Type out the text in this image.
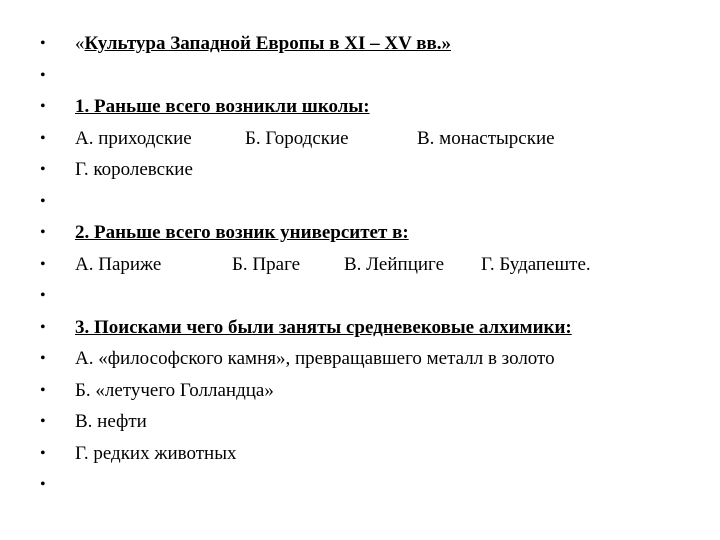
• «Культура Западной Европы в XI – XV вв.»
•
• 1. Раньше всего возникли школы:
• А. приходские	Б. Городские	В. монастырские
• Г. королевские
•
• 2. Раньше всего возник университет в:
• А. Париже	Б. Праге В. Лейпциге Г. Будапеште.
•
• 3. Поисками чего были заняты средневековые алхимики:
• А. «философского камня», превращавшего металл в золото
• Б. «летучего Голландца»
• В. нефти
• Г. редких животных
•
